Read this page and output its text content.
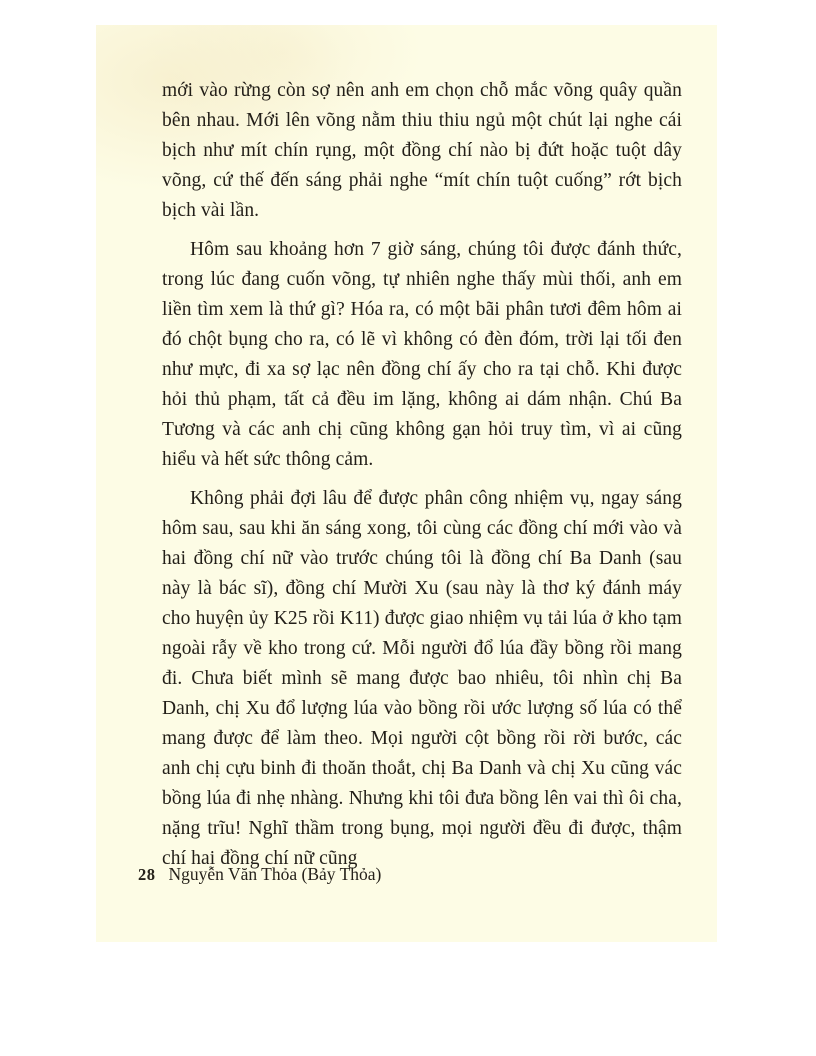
mới vào rừng còn sợ nên anh em chọn chỗ mắc võng quây quần bên nhau. Mới lên võng nằm thiu thiu ngủ một chút lại nghe cái bịch như mít chín rụng, một đồng chí nào bị đứt hoặc tuột dây võng, cứ thế đến sáng phải nghe “mít chín tuột cuống” rớt bịch bịch vài lần.

Hôm sau khoảng hơn 7 giờ sáng, chúng tôi được đánh thức, trong lúc đang cuốn võng, tự nhiên nghe thấy mùi thối, anh em liền tìm xem là thứ gì? Hóa ra, có một bãi phân tươi đêm hôm ai đó chột bụng cho ra, có lẽ vì không có đèn đóm, trời lại tối đen như mực, đi xa sợ lạc nên đồng chí ấy cho ra tại chỗ. Khi được hỏi thủ phạm, tất cả đều im lặng, không ai dám nhận. Chú Ba Tương và các anh chị cũng không gạn hỏi truy tìm, vì ai cũng hiểu và hết sức thông cảm.

Không phải đợi lâu để được phân công nhiệm vụ, ngay sáng hôm sau, sau khi ăn sáng xong, tôi cùng các đồng chí mới vào và hai đồng chí nữ vào trước chúng tôi là đồng chí Ba Danh (sau này là bác sĩ), đồng chí Mười Xu (sau này là thơ ký đánh máy cho huyện ủy K25 rồi K11) được giao nhiệm vụ tải lúa ở kho tạm ngoài rẫy về kho trong cứ. Mỗi người đổ lúa đầy bồng rồi mang đi. Chưa biết mình sẽ mang được bao nhiêu, tôi nhìn chị Ba Danh, chị Xu đổ lượng lúa vào bồng rồi ước lượng số lúa có thể mang được để làm theo. Mọi người cột bồng rồi rời bước, các anh chị cựu binh đi thoăn thoắt, chị Ba Danh và chị Xu cũng vác bồng lúa đi nhẹ nhàng. Nhưng khi tôi đưa bồng lên vai thì ôi cha, nặng trĩu! Nghĩ thầm trong bụng, mọi người đều đi được, thậm chí hai đồng chí nữ cũng

28 Nguyễn Văn Thỏa (Bảy Thỏa)
